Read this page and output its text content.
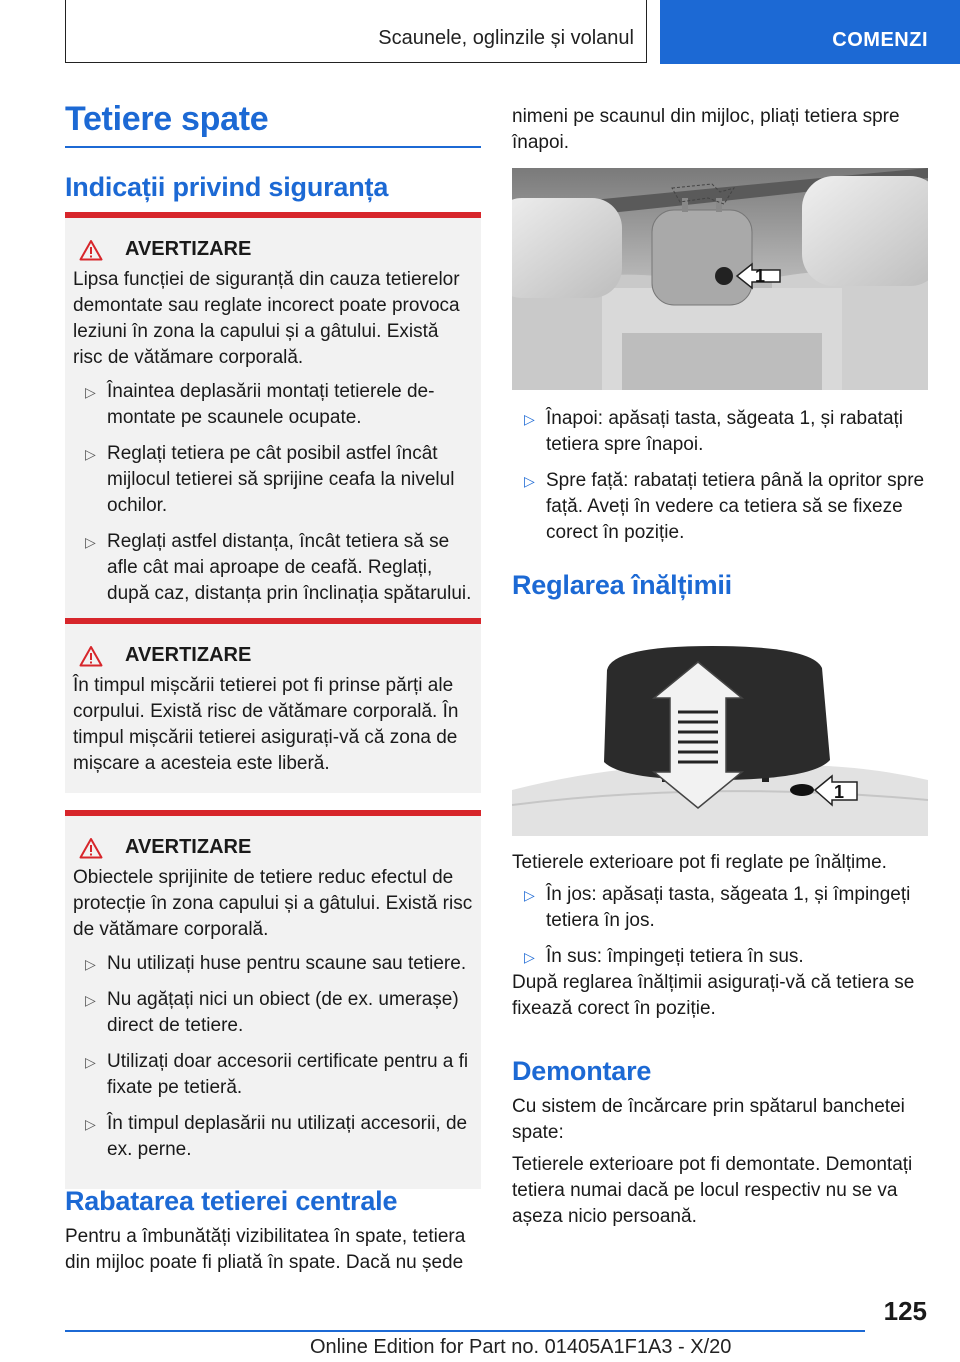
Scaunele, oglinzile și volanul	COMENZI
Tetiere spate
Indicații privind siguranța
AVERTIZARE

Lipsa funcției de siguranță din cauza tetierelor demontate sau reglate incorect poate provoca leziuni în zona la capului și a gâtului. Există risc de vătămare corporală.

▷ Înaintea deplasării montați tetierele demontate pe scaunele ocupate.
▷ Reglați tetiera pe cât posibil astfel încât mijlocul tetierei să sprijine ceafa la nivelul ochilor.
▷ Reglați astfel distanța, încât tetiera să se afle cât mai aproape de ceafă. Reglați, după caz, distanța prin înclinația spătarului.
AVERTIZARE

În timpul mișcării tetierei pot fi prinse părți ale corpului. Există risc de vătămare corporală. În timpul mișcării tetierei asigurați-vă că zona de mișcare a acesteia este liberă.

AVERTIZARE

Obiectele sprijinite de tetiere reduc efectul de protecție în zona capului și a gâtului. Există risc de vătămare corporală.

▷ Nu utilizați huse pentru scaune sau tetiere.
▷ Nu agățați nici un obiect (de ex. umerașe) direct de tetiere.
▷ Utilizați doar accesorii certificate pentru a fi fixate pe tetieră.
▷ În timpul deplasării nu utilizați accesorii, de ex. perne.
Rabatarea tetierei centrale
Pentru a îmbunătăți vizibilitatea în spate, tetiera din mijloc poate fi pliată în spate. Dacă nu șede
nimeni pe scaunul din mijloc, pliați tetiera spre înapoi.
1
▷ Înapoi: apăsați tasta, săgeata 1, și rabatați tetiera spre înapoi.
▷ Spre față: rabatați tetiera până la opritor spre față. Aveți în vedere ca tetiera să se fixeze corect în poziție.
Reglarea înălțimii
1
Tetierele exterioare pot fi reglate pe înălțime.
▷ În jos: apăsați tasta, săgeata 1, și împingeți tetiera în jos.
▷ În sus: împingeți tetiera în sus.
După reglarea înălțimii asigurați-vă că tetiera se fixează corect în poziție.
Demontare
Cu sistem de încărcare prin spătarul banchetei spate:
Tetierele exterioare pot fi demontate. Demontați tetiera numai dacă pe locul respectiv nu se va așeza nicio persoană.
125
Online Edition for Part no. 01405A1F1A3 - X/20
